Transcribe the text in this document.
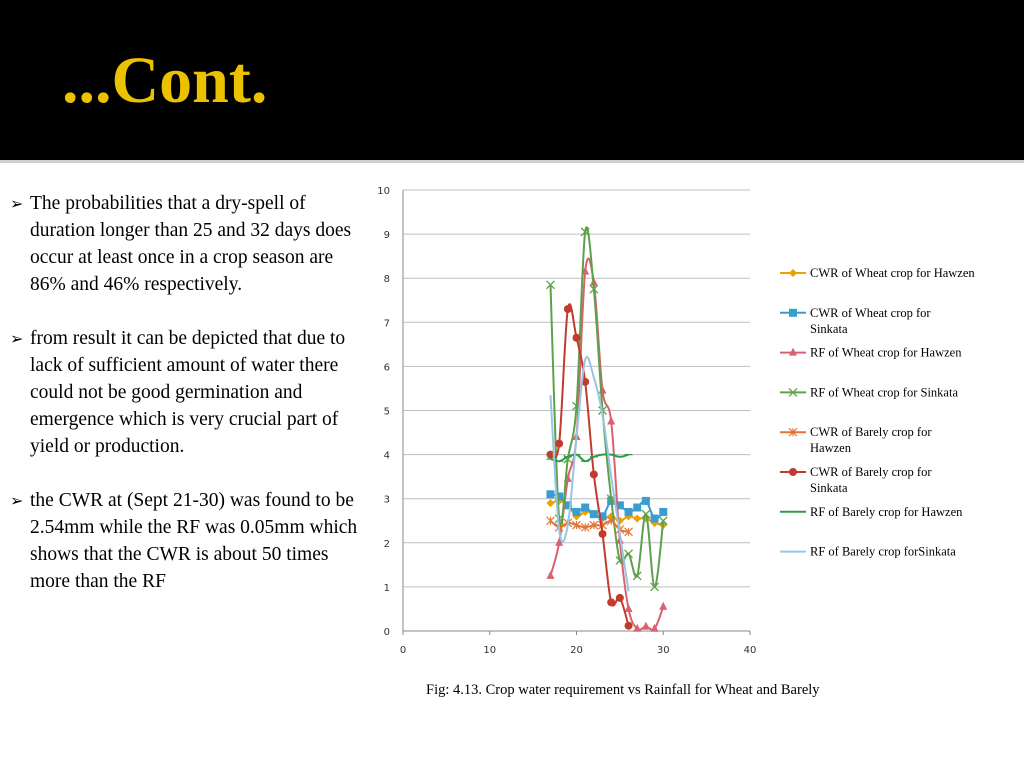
...Cont.
➢ The probabilities that a dry-spell of duration longer than 25 and 32 days does occur at least once in a crop season are 86% and 46% respectively.
➢ from result it can be depicted that due to lack of sufficient amount of water there could not be good germination and emergence which is very crucial part of yield or production.
➢ the CWR at (Sept 21-30) was found to be 2.54mm while the RF was 0.05mm which shows that the CWR is about 50 times more than the RF
0
1
2
3
4
5
6
7
8
9
10
0	10	20	30	40
CWR of Wheat crop for Hawzen
CWR of Wheat crop for Sinkata
RF of Wheat crop for Hawzen
RF of Wheat crop for Sinkata
CWR of Barely crop for Hawzen
CWR of Barely crop for Sinkata
RF of Barely crop for Hawzen
RF of Barely crop forSinkata
Fig: 4.13. Crop water requirement vs Rainfall for Wheat and Barely
